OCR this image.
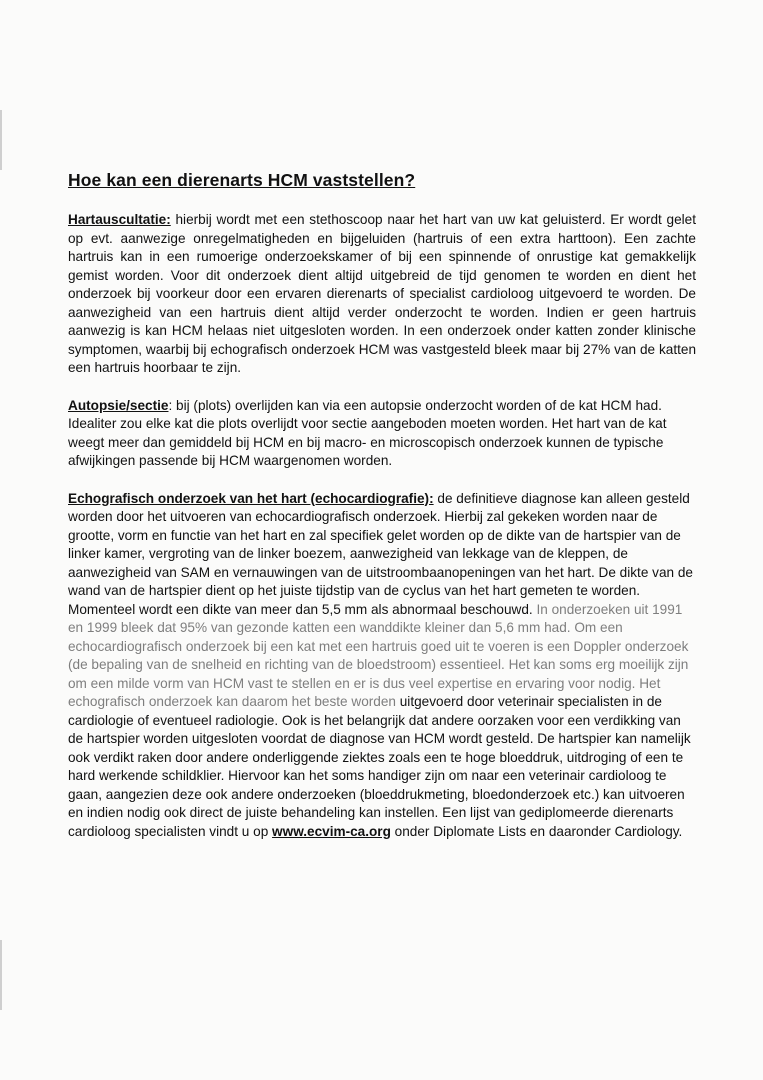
Hoe kan een dierenarts HCM vaststellen?

Hartauscultatie: hierbij wordt met een stethoscoop naar het hart van uw kat geluisterd. Er wordt gelet op evt. aanwezige onregelmatigheden en bijgeluiden (hartruis of een extra harttoon). Een zachte hartruis kan in een rumoerige onderzoekskamer of bij een spinnende of onrustige kat gemakkelijk gemist worden. Voor dit onderzoek dient altijd uitgebreid de tijd genomen te worden en dient het onderzoek bij voorkeur door een ervaren dierenarts of specialist cardioloog uitgevoerd te worden. De aanwezigheid van een hartruis dient altijd verder onderzocht te worden. Indien er geen hartruis aanwezig is kan HCM helaas niet uitgesloten worden. In een onderzoek onder katten zonder klinische symptomen, waarbij bij echografisch onderzoek HCM was vastgesteld bleek maar bij 27% van de katten een hartruis hoorbaar te zijn.

Autopsie/sectie: bij (plots) overlijden kan via een autopsie onderzocht worden of de kat HCM had. Idealiter zou elke kat die plots overlijdt voor sectie aangeboden moeten worden. Het hart van de kat weegt meer dan gemiddeld bij HCM en bij macro- en microscopisch onderzoek kunnen de typische afwijkingen passende bij HCM waargenomen worden.

Echografisch onderzoek van het hart (echocardiografie): de definitieve diagnose kan alleen gesteld worden door het uitvoeren van echocardiografisch onderzoek. Hierbij zal gekeken worden naar de grootte, vorm en functie van het hart en zal specifiek gelet worden op de dikte van de hartspier van de linker kamer, vergroting van de linker boezem, aanwezigheid van lekkage van de kleppen, de aanwezigheid van SAM en vernauwingen van de uitstroombaanopeningen van het hart. De dikte van de wand van de hartspier dient op het juiste tijdstip van de cyclus van het hart gemeten te worden. Momenteel wordt een dikte van meer dan 5,5 mm als abnormaal beschouwd. In onderzoeken uit 1991 en 1999 bleek dat 95% van gezonde katten een wanddikte kleiner dan 5,6 mm had. Om een echocardiografisch onderzoek bij een kat met een hartruis goed uit te voeren is een Doppler onderzoek (de bepaling van de snelheid en richting van de bloedstroom) essentieel. Het kan soms erg moeilijk zijn om een milde vorm van HCM vast te stellen en er is dus veel expertise en ervaring voor nodig. Het echografisch onderzoek kan daarom het beste worden uitgevoerd door veterinair specialisten in de cardiologie of eventueel radiologie. Ook is het belangrijk dat andere oorzaken voor een verdikking van de hartspier worden uitgesloten voordat de diagnose van HCM wordt gesteld. De hartspier kan namelijk ook verdikt raken door andere onderliggende ziektes zoals een te hoge bloeddruk, uitdroging of een te hard werkende schildklier. Hiervoor kan het soms handiger zijn om naar een veterinair cardioloog te gaan, aangezien deze ook andere onderzoeken (bloeddrukmeting, bloedonderzoek etc.) kan uitvoeren en indien nodig ook direct de juiste behandeling kan instellen. Een lijst van gediplomeerde dierenarts cardioloog specialisten vindt u op www.ecvim-ca.org onder Diplomate Lists en daaronder Cardiology.
